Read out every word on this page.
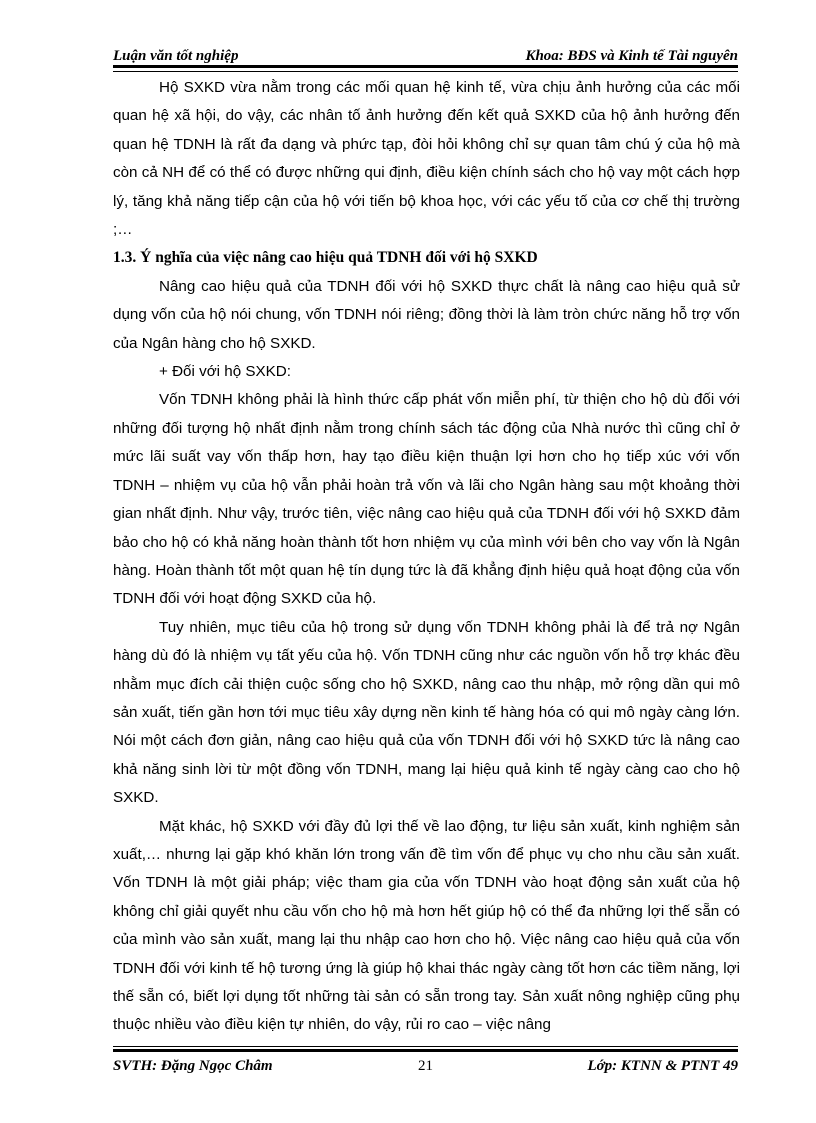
Luận văn tốt nghiệp	Khoa: BĐS và Kinh tế Tài nguyên

Hộ SXKD vừa nằm trong các mối quan hệ kinh tế, vừa chịu ảnh hưởng của các mối quan hệ xã hội, do vậy, các nhân tố ảnh hưởng đến kết quả SXKD của hộ ảnh hưởng đến quan hệ TDNH là rất đa dạng và phức tạp, đòi hỏi không chỉ sự quan tâm chú ý của hộ mà còn cả NH để có thể có được những qui định, điều kiện chính sách cho hộ vay một cách hợp lý, tăng khả năng tiếp cận của hộ với tiến bộ khoa học, với các yếu tố của cơ chế thị trường ;…

1.3. Ý nghĩa của việc nâng cao hiệu quả TDNH đối với hộ SXKD

Nâng cao hiệu quả của TDNH đối với hộ SXKD thực chất là nâng cao hiệu quả sử dụng vốn của hộ nói chung, vốn TDNH nói riêng; đồng thời là làm tròn chức năng hỗ trợ vốn của Ngân hàng cho hộ SXKD.

+ Đối với hộ SXKD:

Vốn TDNH không phải là hình thức cấp phát vốn miễn phí, từ thiện cho hộ dù đối với những đối tượng hộ nhất định nằm trong chính sách tác động của Nhà nước thì cũng chỉ ở mức lãi suất vay vốn thấp hơn, hay tạo điều kiện thuận lợi hơn cho họ tiếp xúc với vốn TDNH – nhiệm vụ của hộ vẫn phải hoàn trả vốn và lãi cho Ngân hàng sau một khoảng thời gian nhất định. Như vậy, trước tiên, việc nâng cao hiệu quả của TDNH đối với hộ SXKD đảm bảo cho hộ có khả năng hoàn thành tốt hơn nhiệm vụ của mình với bên cho vay vốn là Ngân hàng. Hoàn thành tốt một quan hệ tín dụng tức là đã khẳng định hiệu quả hoạt động của vốn TDNH đối với hoạt động SXKD của hộ.

Tuy nhiên, mục tiêu của hộ trong sử dụng vốn TDNH không phải là để trả nợ Ngân hàng dù đó là nhiệm vụ tất yếu của hộ. Vốn TDNH cũng như các nguồn vốn hỗ trợ khác đều nhằm mục đích cải thiện cuộc sống cho hộ SXKD, nâng cao thu nhập, mở rộng dần qui mô sản xuất, tiến gần hơn tới mục tiêu xây dựng nền kinh tế hàng hóa có qui mô ngày càng lớn. Nói một cách đơn giản, nâng cao hiệu quả của vốn TDNH đối với hộ SXKD tức là nâng cao khả năng sinh lời từ một đồng vốn TDNH, mang lại hiệu quả kinh tế ngày càng cao cho hộ SXKD.

Mặt khác, hộ SXKD với đầy đủ lợi thế về lao động, tư liệu sản xuất, kinh nghiệm sản xuất,… nhưng lại gặp khó khăn lớn trong vấn đề tìm vốn để phục vụ cho nhu cầu sản xuất. Vốn TDNH là một giải pháp; việc tham gia của vốn TDNH vào hoạt động sản xuất của hộ không chỉ giải quyết nhu cầu vốn cho hộ mà hơn hết giúp hộ có thể đa những lợi thế sẵn có của mình vào sản xuất, mang lại thu nhập cao hơn cho hộ. Việc nâng cao hiệu quả của vốn TDNH đối với kinh tế hộ tương ứng là giúp hộ khai thác ngày càng tốt hơn các tiềm năng, lợi thế sẵn có, biết lợi dụng tốt những tài sản có sẵn trong tay. Sản xuất nông nghiệp cũng phụ thuộc nhiều vào điều kiện tự nhiên, do vậy, rủi ro cao – việc nâng

SVTH: Đặng Ngọc Châm	21	Lớp: KTNN & PTNT 49
